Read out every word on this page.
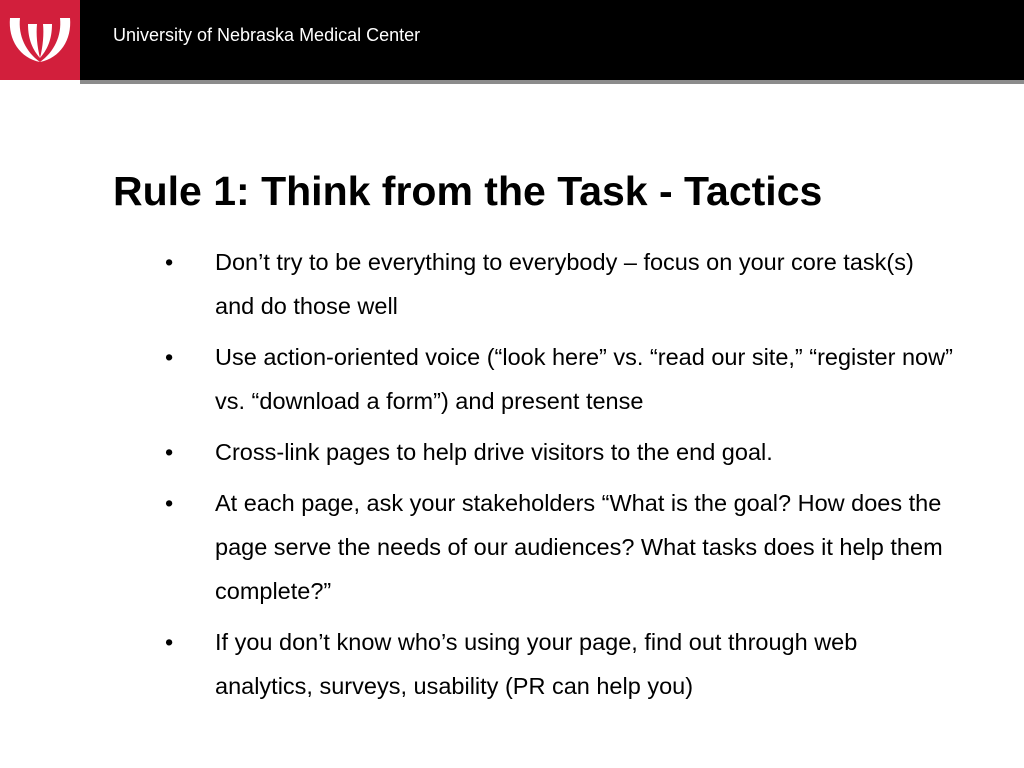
University of Nebraska Medical Center
Rule 1: Think from the Task - Tactics
• Don’t try to be everything to everybody – focus on your core task(s) and do those well
• Use action-oriented voice (“look here” vs. “read our site,” “register now” vs. “download a form”) and present tense
• Cross-link pages to help drive visitors to the end goal.
• At each page, ask your stakeholders “What is the goal? How does the page serve the needs of our audiences? What tasks does it help them complete?”
• If you don’t know who’s using your page, find out through web analytics, surveys, usability (PR can help you)
